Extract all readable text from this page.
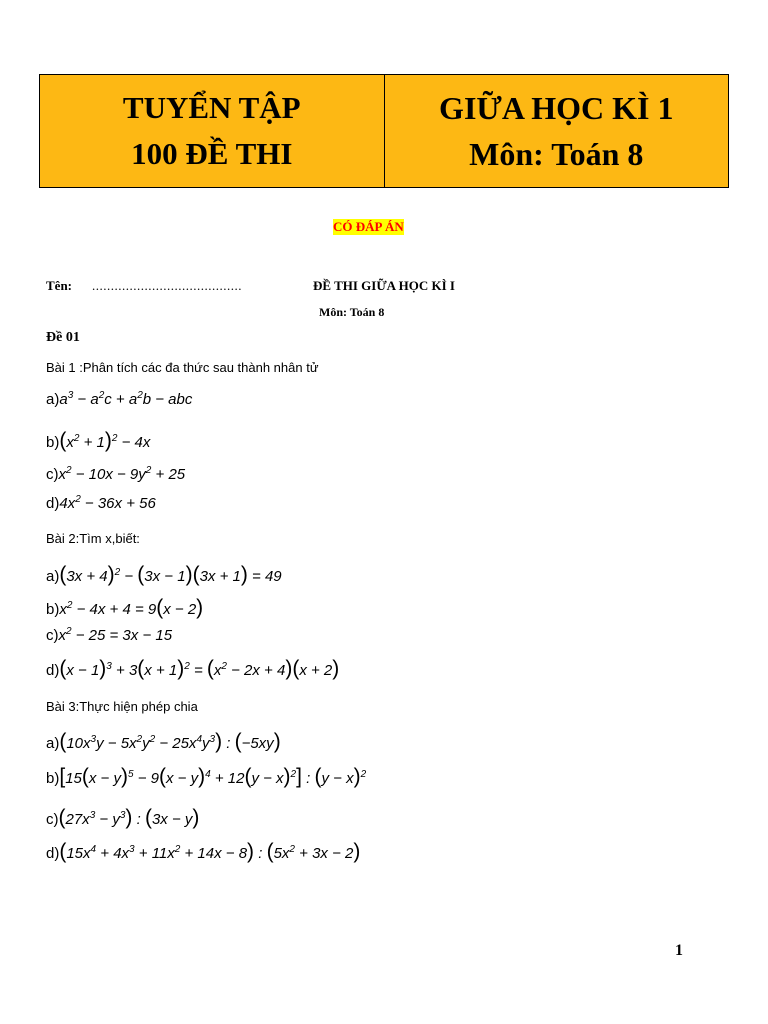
TUYỂN TẬP
100 ĐỀ THI
GIỮA HỌC KÌ 1
Môn: Toán 8
CÓ ĐÁP ÁN
Tên: ........................................	ĐỀ THI GIỮA HỌC KÌ I
Môn: Toán 8
Đề 01
Bài 1 :Phân tích các đa thức sau thành nhân tử
$a)a^3 - a^2c + a^2b$ − abc
$b)(x^2 + 1)^2 - 4x$
$c)x^2 - 10x - 9y^2 + 25$
$d)4x^2 - 36x + 56$
Bài 2:Tìm x,biết:
$a)(3x + 4)^2 - (3x - 1)(3x + 1) = 49$
$b)x^2 - 4x + 4 = 9(x - 2)$
$c)x^2 - 25 = 3x - 15$
$d)(x - 1)^3 + 3(x + 1)^2 = (x^2 - 2x + 4)(x + 2)$
Bài 3:Thực hiện phép chia
$a)(10x^3y - 5x^2y^2 - 25x^4y^3)$ : (−5xy)
$b)[15(x - y)^5 - 9(x - y)^4 + 12(y - x)^2]$ : $(y - x)^2$
$c)(27x^3 - y^3)$ : (3x − y)
$d)(15x^4 + 4x^3 + 11x^2 + 14x - 8)$ : $(5x^2 + 3x - 2)$
1
